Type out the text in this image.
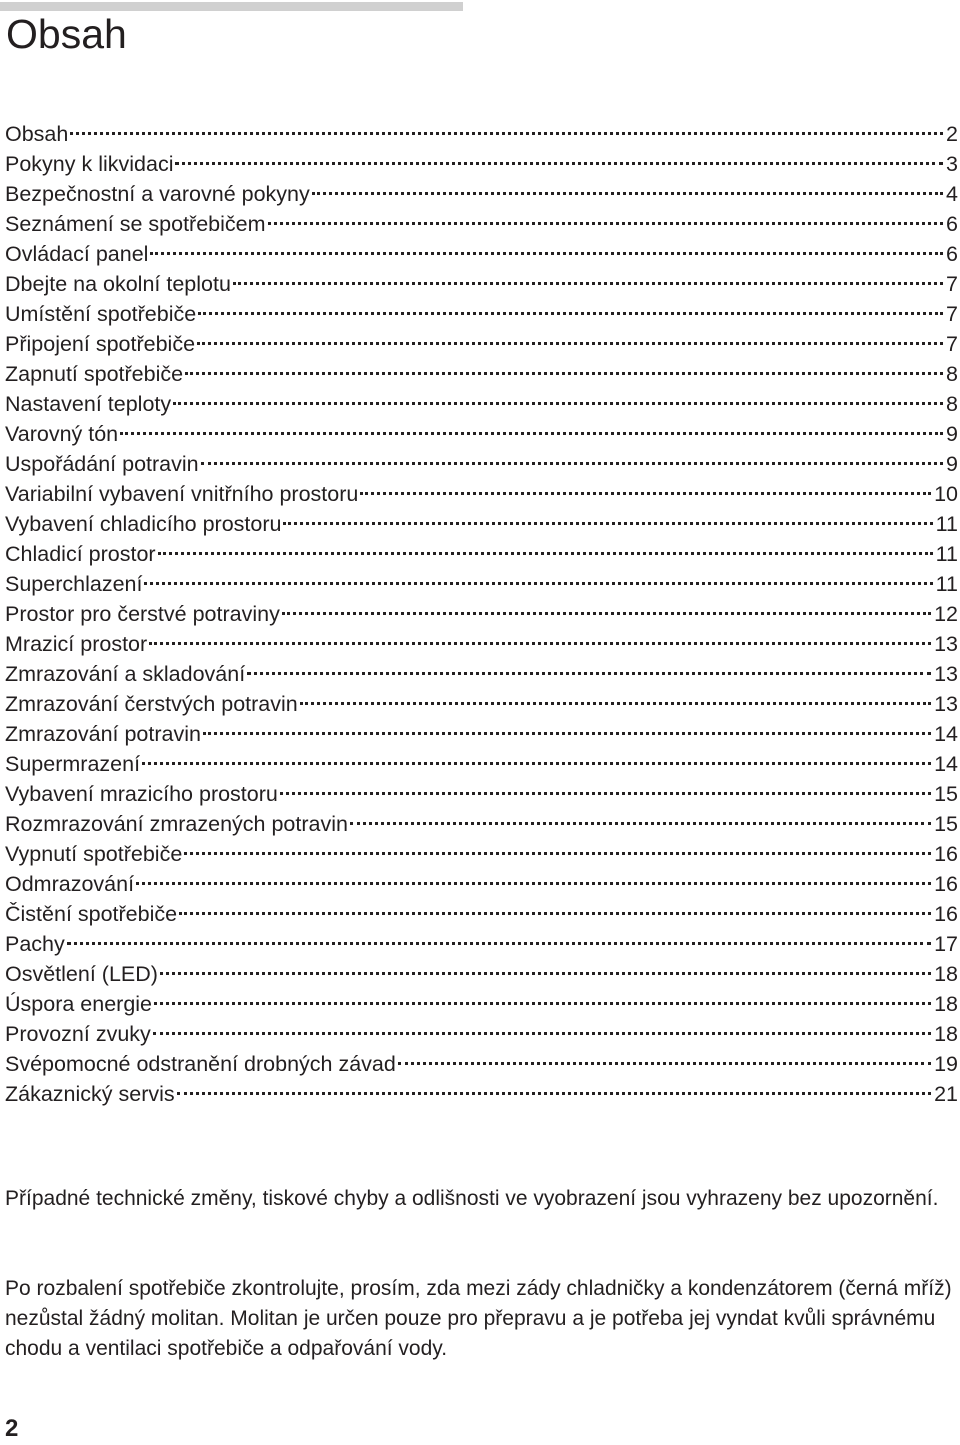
Obsah
Obsah	2
Pokyny k likvidaci	3
Bezpečnostní a varovné pokyny	4
Seznámení se spotřebičem	6
Ovládací panel	6
Dbejte na okolní teplotu	7
Umístění spotřebiče	7
Připojení spotřebiče	7
Zapnutí spotřebiče	8
Nastavení teploty	8
Varovný tón	9
Uspořádání potravin	9
Variabilní vybavení vnitřního prostoru	10
Vybavení chladicího prostoru	11
Chladicí prostor	11
Superchlazení	11
Prostor pro čerstvé potraviny	12
Mrazicí prostor	13
Zmrazování a skladování	13
Zmrazování čerstvých potravin	13
Zmrazování potravin	14
Supermrazení	14
Vybavení mrazicího prostoru	15
Rozmrazování zmrazených potravin	15
Vypnutí spotřebiče	16
Odmrazování	16
Čistění spotřebiče	16
Pachy	17
Osvětlení (LED)	18
Úspora energie	18
Provozní zvuky	18
Svépomocné odstranění drobných závad	19
Zákaznický servis	21

Případné technické změny, tiskové chyby a odlišnosti ve vyobrazení jsou vyhrazeny bez upozornění.

Po rozbalení spotřebiče zkontrolujte, prosím, zda mezi zády chladničky a kondenzátorem (černá mříž) nezůstal žádný molitan. Molitan je určen pouze pro přepravu a je potřeba jej vyndat kvůli správnému chodu a ventilaci spotřebiče a odpařování vody.

2
